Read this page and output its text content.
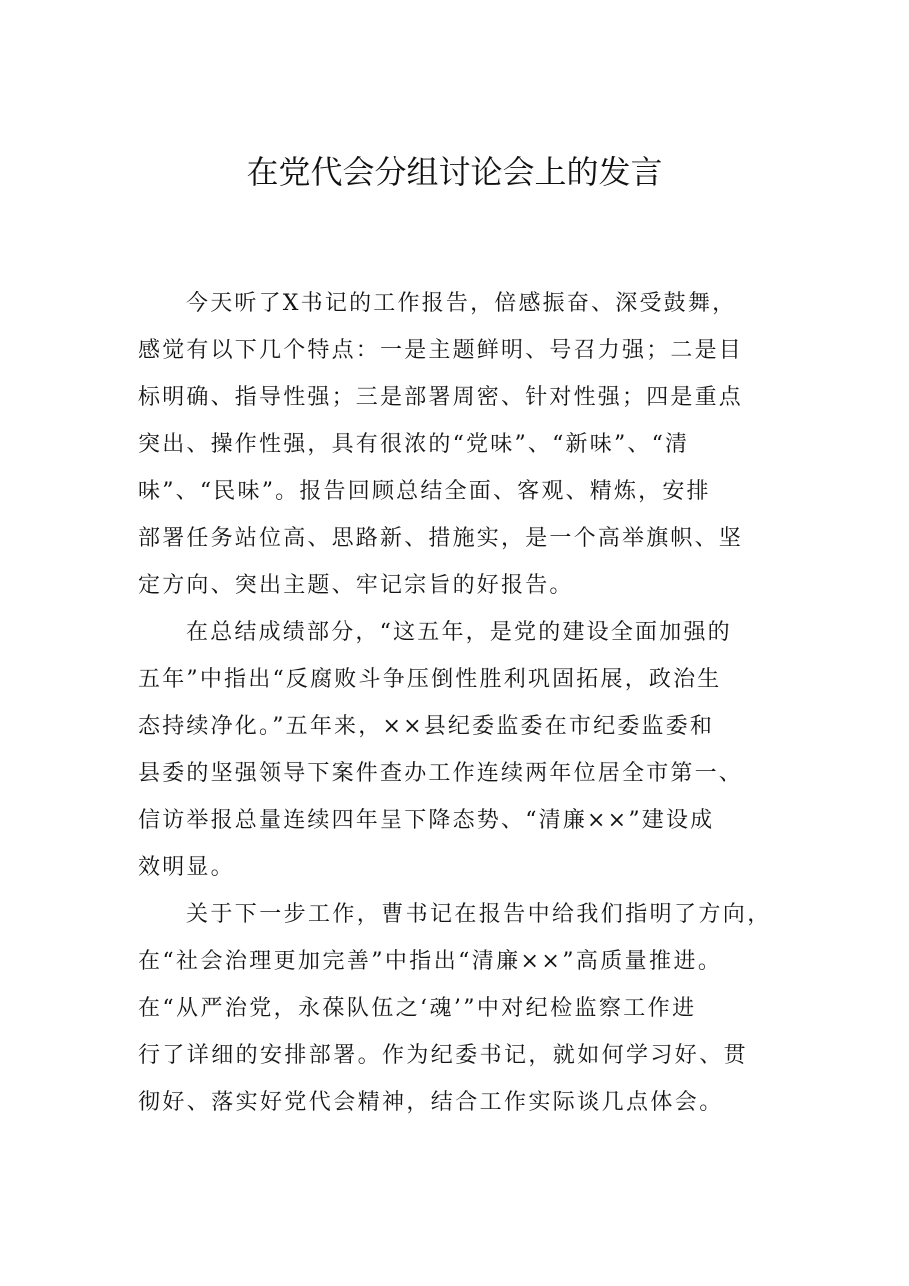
在党代会分组讨论会上的发言
今天听了X书记的工作报告，倍感振奋、深受鼓舞，
感觉有以下几个特点：一是主题鲜明、号召力强；二是目
标明确、指导性强；三是部署周密、针对性强；四是重点
突出、操作性强，具有很浓的“党味”、“新味”、“清
味”、“民味”。报告回顾总结全面、客观、精炼，安排
部署任务站位高、思路新、措施实，是一个高举旗帜、坚
定方向、突出主题、牢记宗旨的好报告。
在总结成绩部分，“这五年，是党的建设全面加强的
五年”中指出“反腐败斗争压倒性胜利巩固拓展，政治生
态持续净化。”五年来，××县纪委监委在市纪委监委和
县委的坚强领导下案件查办工作连续两年位居全市第一、
信访举报总量连续四年呈下降态势、“清廉××”建设成
效明显。
关于下一步工作，曹书记在报告中给我们指明了方向，
在“社会治理更加完善”中指出“清廉××”高质量推进。
在“从严治党，永葆队伍之‘魂’”中对纪检监察工作进
行了详细的安排部署。作为纪委书记，就如何学习好、贯
彻好、落实好党代会精神，结合工作实际谈几点体会。
